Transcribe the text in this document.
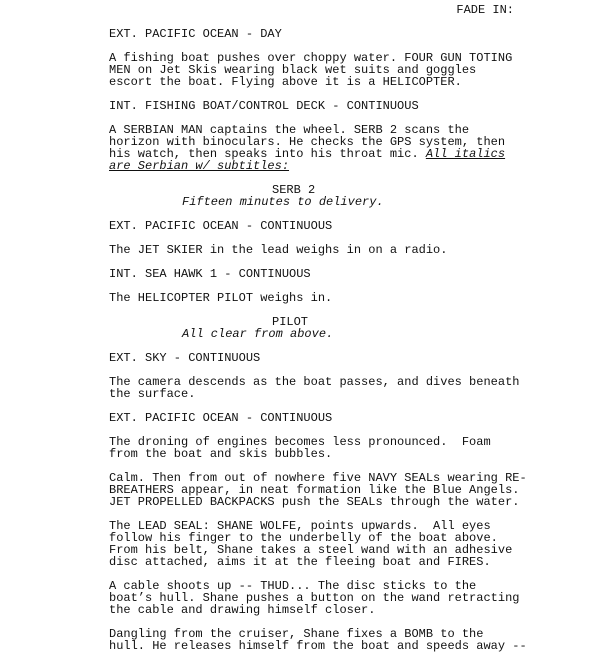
FADE IN:
EXT. PACIFIC OCEAN - DAY
A fishing boat pushes over choppy water. FOUR GUN TOTING
MEN on Jet Skis wearing black wet suits and goggles
escort the boat. Flying above it is a HELICOPTER.
INT. FISHING BOAT/CONTROL DECK - CONTINUOUS
A SERBIAN MAN captains the wheel. SERB 2 scans the
horizon with binoculars. He checks the GPS system, then
his watch, then speaks into his throat mic. All italics
are Serbian w/ subtitles:
SERB 2
Fifteen minutes to delivery.
EXT. PACIFIC OCEAN - CONTINUOUS
The JET SKIER in the lead weighs in on a radio.
INT. SEA HAWK 1 - CONTINUOUS
The HELICOPTER PILOT weighs in.
PILOT
All clear from above.
EXT. SKY - CONTINUOUS
The camera descends as the boat passes, and dives beneath
the surface.
EXT. PACIFIC OCEAN - CONTINUOUS
The droning of engines becomes less pronounced.  Foam
from the boat and skis bubbles.
Calm. Then from out of nowhere five NAVY SEALs wearing RE-
BREATHERS appear, in neat formation like the Blue Angels.
JET PROPELLED BACKPACKS push the SEALs through the water.
The LEAD SEAL: SHANE WOLFE, points upwards.  All eyes
follow his finger to the underbelly of the boat above.
From his belt, Shane takes a steel wand with an adhesive
disc attached, aims it at the fleeing boat and FIRES.
A cable shoots up -- THUD... The disc sticks to the
boat’s hull. Shane pushes a button on the wand retracting
the cable and drawing himself closer.
Dangling from the cruiser, Shane fixes a BOMB to the
hull. He releases himself from the boat and speeds away --
